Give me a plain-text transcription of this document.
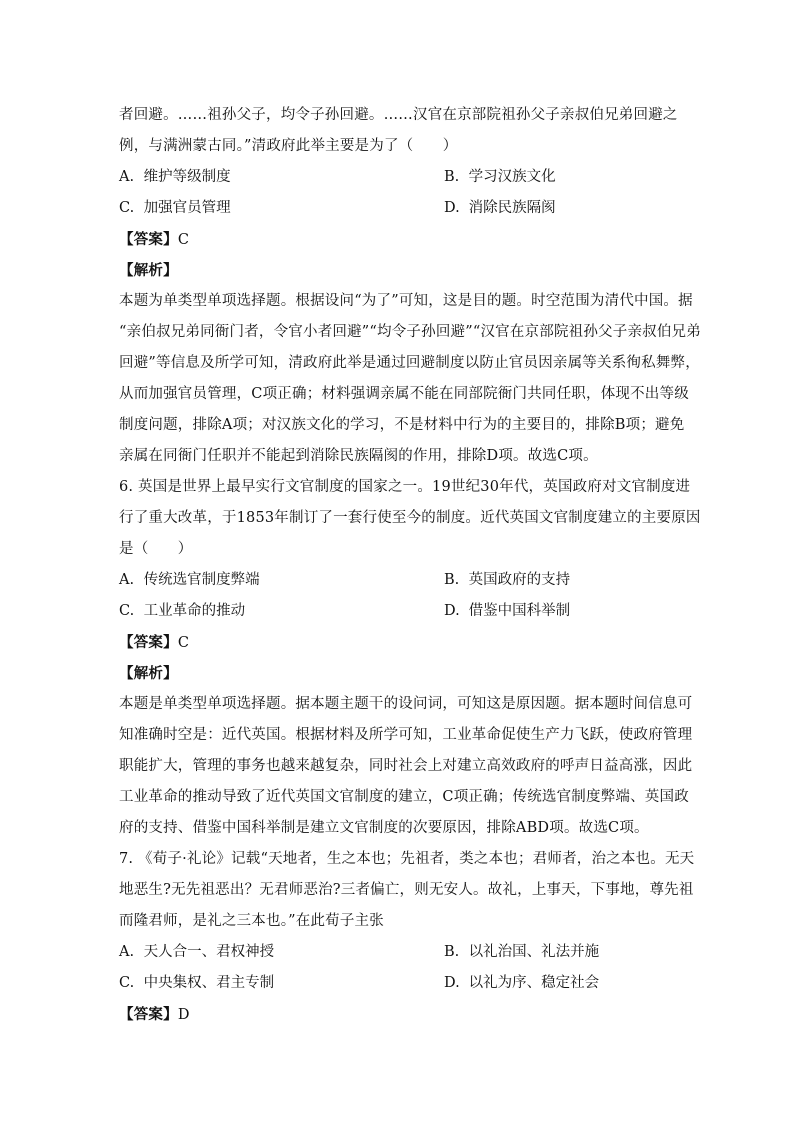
者回避。……祖孙父子，均令子孙回避。……汉官在京部院祖孙父子亲叔伯兄弟回避之
例，与满洲蒙古同。”清政府此举主要是为了（　　）
A. 维护等级制度	B. 学习汉族文化
C. 加强官员管理	D. 消除民族隔阂
【答案】C
【解析】
本题为单类型单项选择题。根据设问“为了”可知，这是目的题。时空范围为清代中国。据
“亲伯叔兄弟同衙门者，令官小者回避”“均令子孙回避”“汉官在京部院祖孙父子亲叔伯兄弟
回避”等信息及所学可知，清政府此举是通过回避制度以防止官员因亲属等关系徇私舞弊，
从而加强官员管理，C项正确；材料强调亲属不能在同部院衙门共同任职，体现不出等级
制度问题，排除A项；对汉族文化的学习，不是材料中行为的主要目的，排除B项；避免
亲属在同衙门任职并不能起到消除民族隔阂的作用，排除D项。故选C项。
6. 英国是世界上最早实行文官制度的国家之一。19世纪30年代，英国政府对文官制度进
行了重大改革，于1853年制订了一套行使至今的制度。近代英国文官制度建立的主要原因
是（　　）
A. 传统选官制度弊端	B. 英国政府的支持
C. 工业革命的推动	D. 借鉴中国科举制
【答案】C
【解析】
本题是单类型单项选择题。据本题主题干的设问词，可知这是原因题。据本题时间信息可
知准确时空是：近代英国。根据材料及所学可知，工业革命促使生产力飞跃，使政府管理
职能扩大，管理的事务也越来越复杂，同时社会上对建立高效政府的呼声日益高涨，因此
工业革命的推动导致了近代英国文官制度的建立，C项正确；传统选官制度弊端、英国政
府的支持、借鉴中国科举制是建立文官制度的次要原因，排除ABD项。故选C项。
7. 《荀子·礼论》记载“天地者，生之本也；先祖者，类之本也；君师者，治之本也。无天
地恶生?无先祖恶出？无君师恶治?三者偏亡，则无安人。故礼，上事天，下事地，尊先祖
而隆君师，是礼之三本也。”在此荀子主张
A. 天人合一、君权神授	B. 以礼治国、礼法并施
C. 中央集权、君主专制	D. 以礼为序、稳定社会
【答案】D
